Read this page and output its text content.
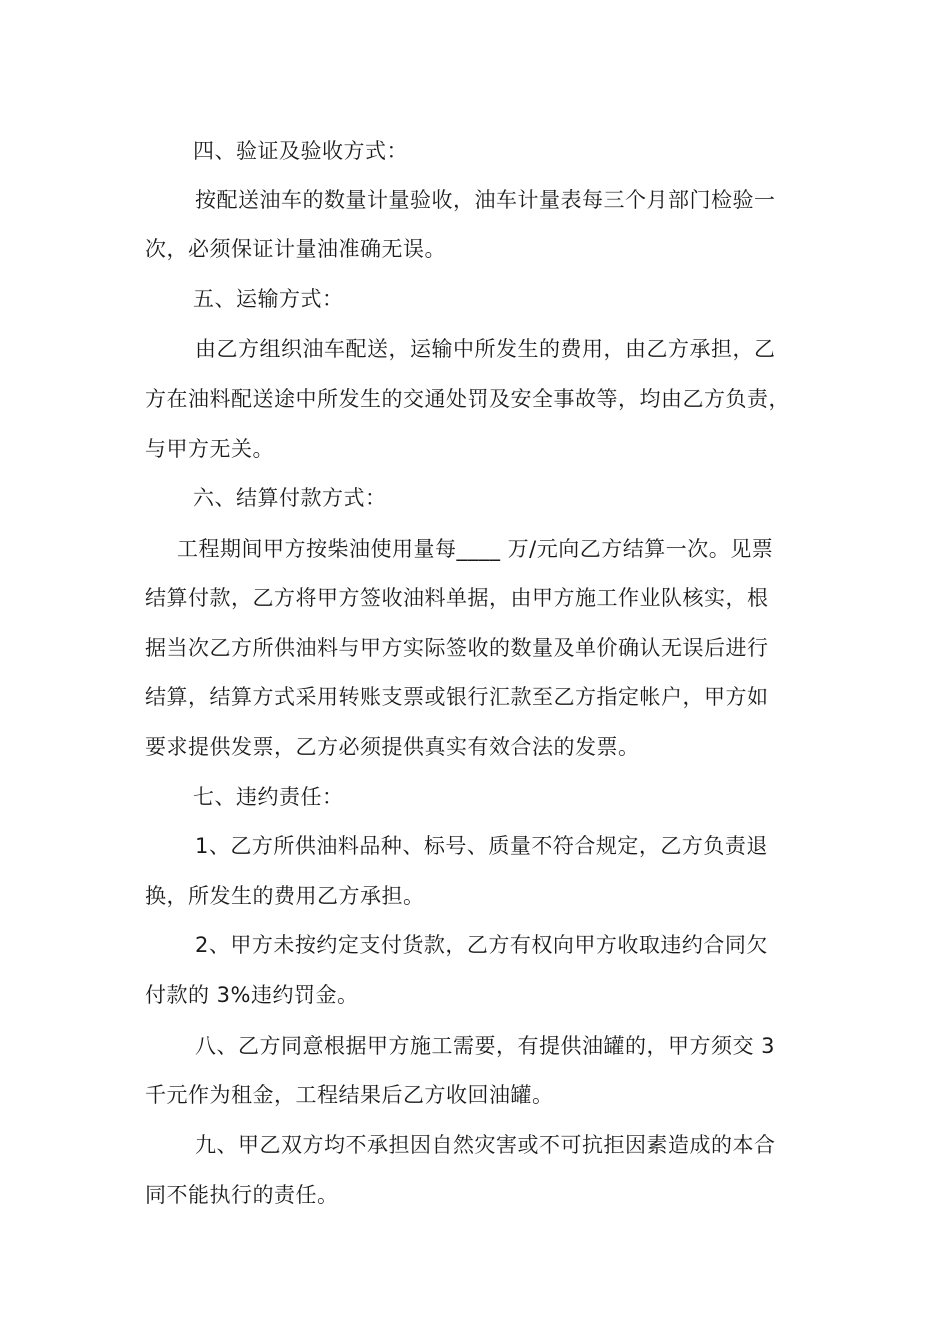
四、验证及验收方式：
按配送油车的数量计量验收，油车计量表每三个月部门检验一
次，必须保证计量油准确无误。
五、运输方式：
由乙方组织油车配送，运输中所发生的费用，由乙方承担，乙
方在油料配送途中所发生的交通处罚及安全事故等，均由乙方负责，
与甲方无关。
六、结算付款方式：
工程期间甲方按柴油使用量每____ 万/元向乙方结算一次。见票
结算付款，乙方将甲方签收油料单据，由甲方施工作业队核实，根
据当次乙方所供油料与甲方实际签收的数量及单价确认无误后进行
结算，结算方式采用转账支票或银行汇款至乙方指定帐户，甲方如
要求提供发票，乙方必须提供真实有效合法的发票。
七、违约责任：
1、乙方所供油料品种、标号、质量不符合规定，乙方负责退
换，所发生的费用乙方承担。
2、甲方未按约定支付货款，乙方有权向甲方收取违约合同欠
付款的 3%违约罚金。
八、乙方同意根据甲方施工需要，有提供油罐的，甲方须交 3
千元作为租金，工程结果后乙方收回油罐。
九、甲乙双方均不承担因自然灾害或不可抗拒因素造成的本合
同不能执行的责任。
